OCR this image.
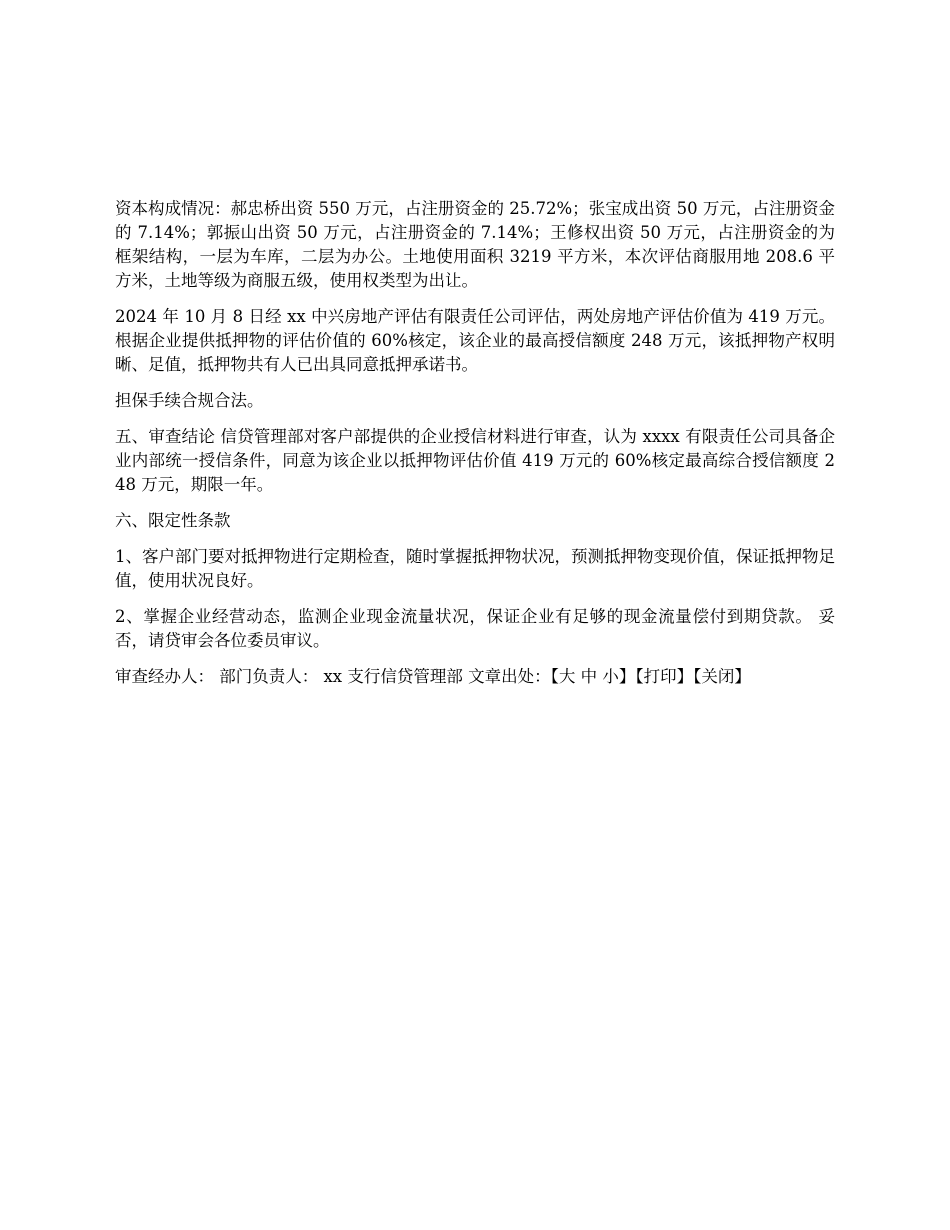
资本构成情况：郝忠桥出资 550 万元，占注册资金的 25.72%；张宝成出资 50 万元，占注册资金的 7.14%；郭振山出资 50 万元，占注册资金的 7.14%；王修权出资 50 万元，占注册资金的为框架结构，一层为车库，二层为办公。土地使用面积 3219 平方米，本次评估商服用地 208.6 平方米，土地等级为商服五级，使用权类型为出让。

2024 年 10 月 8 日经 xx 中兴房地产评估有限责任公司评估，两处房地产评估价值为 419 万元。根据企业提供抵押物的评估价值的 60%核定，该企业的最高授信额度 248 万元，该抵押物产权明晰、足值，抵押物共有人已出具同意抵押承诺书。

担保手续合规合法。

五、审查结论 信贷管理部对客户部提供的企业授信材料进行审查，认为 xxxx 有限责任公司具备企业内部统一授信条件，同意为该企业以抵押物评估价值 419 万元的 60%核定最高综合授信额度 248 万元，期限一年。

六、限定性条款

1、客户部门要对抵押物进行定期检查，随时掌握抵押物状况，预测抵押物变现价值，保证抵押物足值，使用状况良好。

2、掌握企业经营动态，监测企业现金流量状况，保证企业有足够的现金流量偿付到期贷款。 妥否，请贷审会各位委员审议。

审查经办人： 部门负责人： xx 支行信贷管理部 文章出处：【大 中 小】【打印】【关闭】
